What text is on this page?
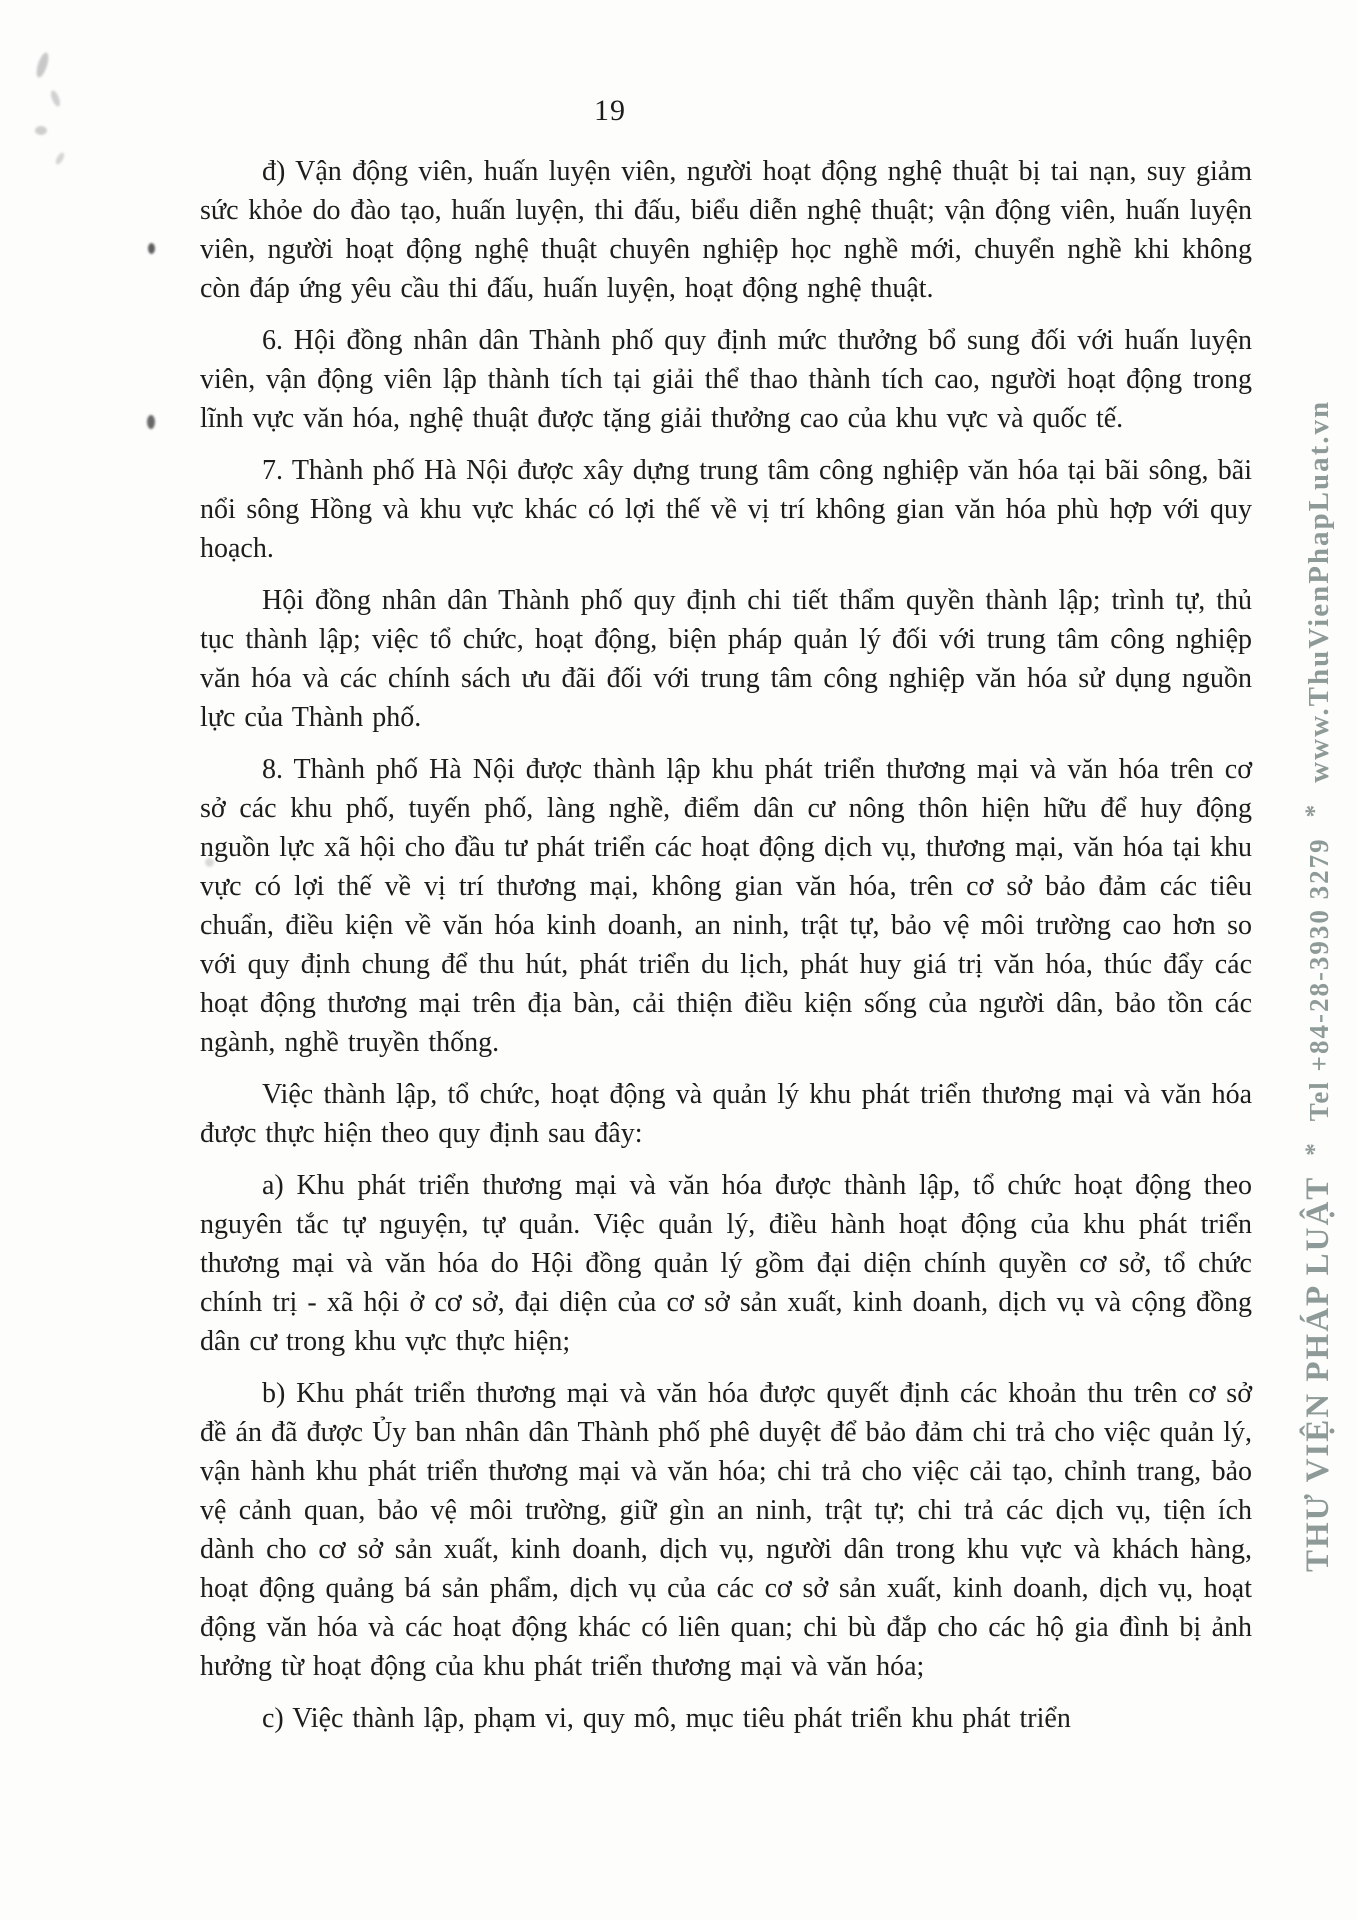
19

đ) Vận động viên, huấn luyện viên, người hoạt động nghệ thuật bị tai nạn, suy giảm sức khỏe do đào tạo, huấn luyện, thi đấu, biểu diễn nghệ thuật; vận động viên, huấn luyện viên, người hoạt động nghệ thuật chuyên nghiệp học nghề mới, chuyển nghề khi không còn đáp ứng yêu cầu thi đấu, huấn luyện, hoạt động nghệ thuật.

6. Hội đồng nhân dân Thành phố quy định mức thưởng bổ sung đối với huấn luyện viên, vận động viên lập thành tích tại giải thể thao thành tích cao, người hoạt động trong lĩnh vực văn hóa, nghệ thuật được tặng giải thưởng cao của khu vực và quốc tế.

7. Thành phố Hà Nội được xây dựng trung tâm công nghiệp văn hóa tại bãi sông, bãi nổi sông Hồng và khu vực khác có lợi thế về vị trí không gian văn hóa phù hợp với quy hoạch.

Hội đồng nhân dân Thành phố quy định chi tiết thẩm quyền thành lập; trình tự, thủ tục thành lập; việc tổ chức, hoạt động, biện pháp quản lý đối với trung tâm công nghiệp văn hóa và các chính sách ưu đãi đối với trung tâm công nghiệp văn hóa sử dụng nguồn lực của Thành phố.

8. Thành phố Hà Nội được thành lập khu phát triển thương mại và văn hóa trên cơ sở các khu phố, tuyến phố, làng nghề, điểm dân cư nông thôn hiện hữu để huy động nguồn lực xã hội cho đầu tư phát triển các hoạt động dịch vụ, thương mại, văn hóa tại khu vực có lợi thế về vị trí thương mại, không gian văn hóa, trên cơ sở bảo đảm các tiêu chuẩn, điều kiện về văn hóa kinh doanh, an ninh, trật tự, bảo vệ môi trường cao hơn so với quy định chung để thu hút, phát triển du lịch, phát huy giá trị văn hóa, thúc đẩy các hoạt động thương mại trên địa bàn, cải thiện điều kiện sống của người dân, bảo tồn các ngành, nghề truyền thống.

Việc thành lập, tổ chức, hoạt động và quản lý khu phát triển thương mại và văn hóa được thực hiện theo quy định sau đây:

a) Khu phát triển thương mại và văn hóa được thành lập, tổ chức hoạt động theo nguyên tắc tự nguyện, tự quản. Việc quản lý, điều hành hoạt động của khu phát triển thương mại và văn hóa do Hội đồng quản lý gồm đại diện chính quyền cơ sở, tổ chức chính trị - xã hội ở cơ sở, đại diện của cơ sở sản xuất, kinh doanh, dịch vụ và cộng đồng dân cư trong khu vực thực hiện;

b) Khu phát triển thương mại và văn hóa được quyết định các khoản thu trên cơ sở đề án đã được Ủy ban nhân dân Thành phố phê duyệt để bảo đảm chi trả cho việc quản lý, vận hành khu phát triển thương mại và văn hóa; chi trả cho việc cải tạo, chỉnh trang, bảo vệ cảnh quan, bảo vệ môi trường, giữ gìn an ninh, trật tự; chi trả các dịch vụ, tiện ích dành cho cơ sở sản xuất, kinh doanh, dịch vụ, người dân trong khu vực và khách hàng, hoạt động quảng bá sản phẩm, dịch vụ của các cơ sở sản xuất, kinh doanh, dịch vụ, hoạt động văn hóa và các hoạt động khác có liên quan; chi bù đắp cho các hộ gia đình bị ảnh hưởng từ hoạt động của khu phát triển thương mại và văn hóa;

c) Việc thành lập, phạm vi, quy mô, mục tiêu phát triển khu phát triển

THƯ VIỆN PHÁP LUẬT * Tel +84-28-3930 3279 * www.ThuVienPhapLuat.vn
